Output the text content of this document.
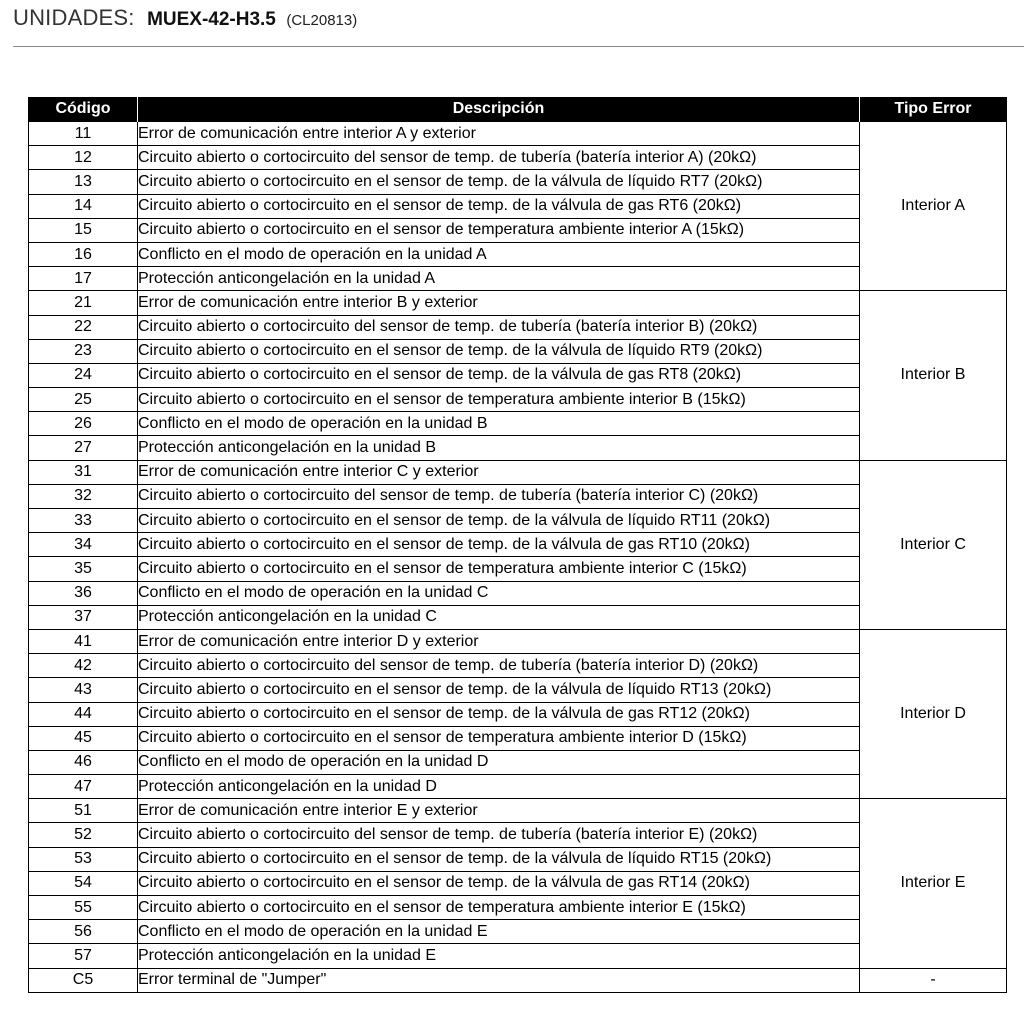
UNIDADES: MUEX-42-H3.5 (CL20813)
Código	Descripción	Tipo Error
11	Error de comunicación entre interior A y exterior	Interior A
12	Circuito abierto o cortocircuito del sensor de temp. de tubería (batería interior A) (20kΩ)	
13	Circuito abierto o cortocircuito en el sensor de temp. de la válvula de líquido RT7 (20kΩ)	
14	Circuito abierto o cortocircuito en el sensor de temp. de la válvula de gas RT6 (20kΩ)	
15	Circuito abierto o cortocircuito en el sensor de temperatura ambiente interior A (15kΩ)	
16	Conflicto en el modo de operación en la unidad A	
17	Protección anticongelación en la unidad A	
21	Error de comunicación entre interior B y exterior	Interior B
22	Circuito abierto o cortocircuito del sensor de temp. de tubería (batería interior B) (20kΩ)	
23	Circuito abierto o cortocircuito en el sensor de temp. de la válvula de líquido RT9 (20kΩ)	
24	Circuito abierto o cortocircuito en el sensor de temp. de la válvula de gas RT8 (20kΩ)	
25	Circuito abierto o cortocircuito en el sensor de temperatura ambiente interior B (15kΩ)	
26	Conflicto en el modo de operación en la unidad B	
27	Protección anticongelación en la unidad B	
31	Error de comunicación entre interior C y exterior	Interior C
32	Circuito abierto o cortocircuito del sensor de temp. de tubería (batería interior C) (20kΩ)	
33	Circuito abierto o cortocircuito en el sensor de temp. de la válvula de líquido RT11 (20kΩ)	
34	Circuito abierto o cortocircuito en el sensor de temp. de la válvula de gas RT10 (20kΩ)	
35	Circuito abierto o cortocircuito en el sensor de temperatura ambiente interior C (15kΩ)	
36	Conflicto en el modo de operación en la unidad C	
37	Protección anticongelación en la unidad C	
41	Error de comunicación entre interior D y exterior	Interior D
42	Circuito abierto o cortocircuito del sensor de temp. de tubería (batería interior D) (20kΩ)	
43	Circuito abierto o cortocircuito en el sensor de temp. de la válvula de líquido RT13 (20kΩ)	
44	Circuito abierto o cortocircuito en el sensor de temp. de la válvula de gas RT12 (20kΩ)	
45	Circuito abierto o cortocircuito en el sensor de temperatura ambiente interior D (15kΩ)	
46	Conflicto en el modo de operación en la unidad D	
47	Protección anticongelación en la unidad D	
51	Error de comunicación entre interior E y exterior	Interior E
52	Circuito abierto o cortocircuito del sensor de temp. de tubería (batería interior E) (20kΩ)	
53	Circuito abierto o cortocircuito en el sensor de temp. de la válvula de líquido RT15 (20kΩ)	
54	Circuito abierto o cortocircuito en el sensor de temp. de la válvula de gas RT14 (20kΩ)	
55	Circuito abierto o cortocircuito en el sensor de temperatura ambiente interior E (15kΩ)	
56	Conflicto en el modo de operación en la unidad E	
57	Protección anticongelación en la unidad E	
C5	Error terminal de "Jumper"	-
